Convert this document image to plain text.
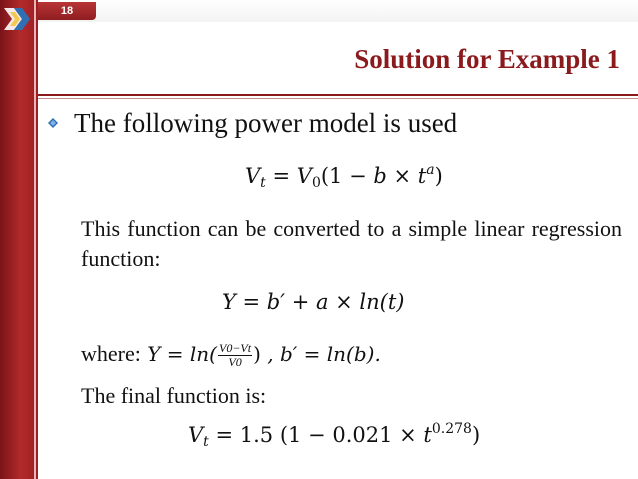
18
Solution for Example 1
The following power model is used
$V_t = V_0(1 - b \times t^a)$
This function can be converted to a simple linear regression function:
Y = b′ + a × ln(t)
where: $Y = \ln( \frac{V0-Vt}{V0}$ ) , b′ = ln(b).
The final function is:
$V_t = 1.5$ $(1 - 0.021 \times t^{0.278})$
